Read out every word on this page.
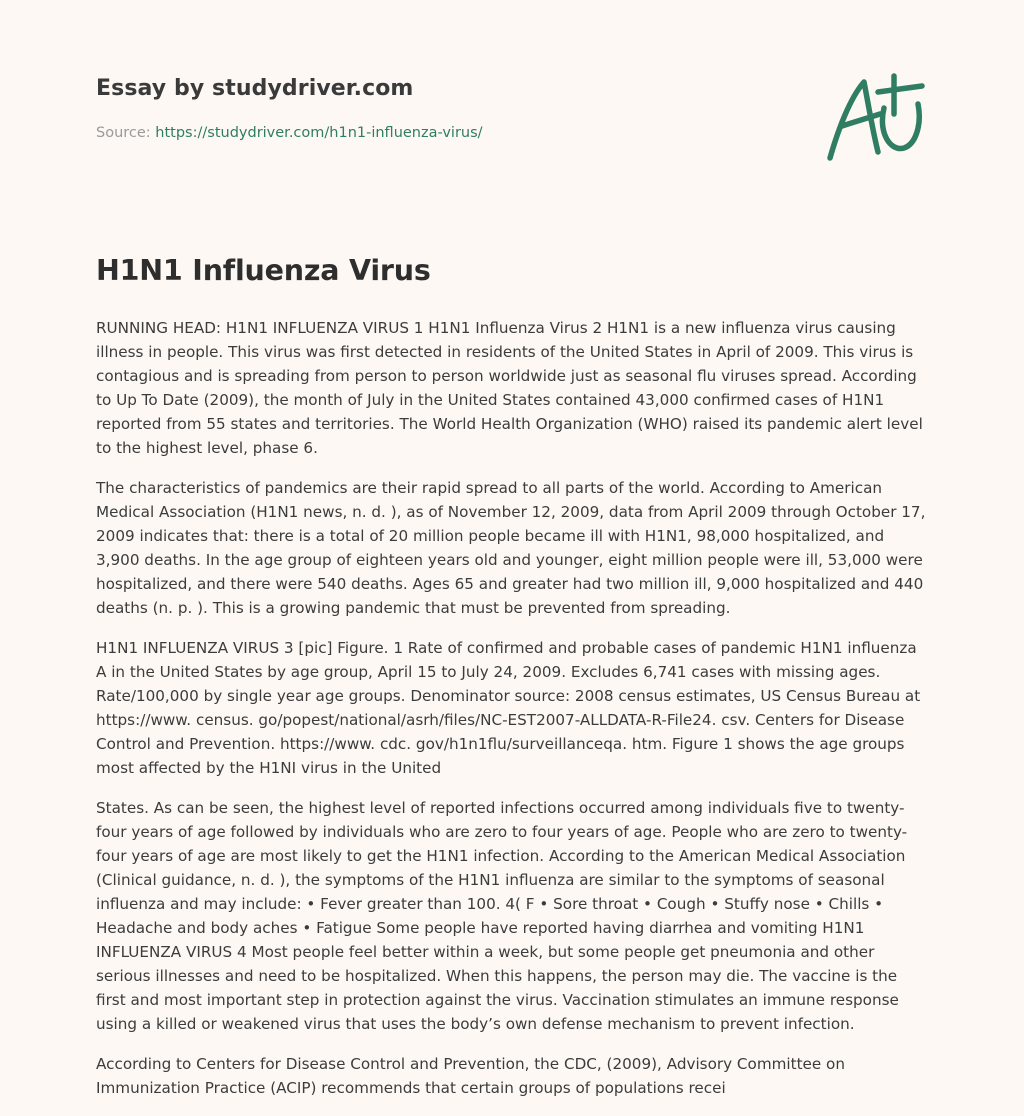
Essay by studydriver.com
Source: https://studydriver.com/h1n1-influenza-virus/
H1N1 Influenza Virus

RUNNING HEAD: H1N1 INFLUENZA VIRUS 1 H1N1 Influenza Virus 2 H1N1 is a new influenza virus causing illness in people. This virus was first detected in residents of the United States in April of 2009. This virus is contagious and is spreading from person to person worldwide just as seasonal flu viruses spread. According to Up To Date (2009), the month of July in the United States contained 43,000 confirmed cases of H1N1 reported from 55 states and territories. The World Health Organization (WHO) raised its pandemic alert level to the highest level, phase 6.

The characteristics of pandemics are their rapid spread to all parts of the world. According to American Medical Association (H1N1 news, n. d. ), as of November 12, 2009, data from April 2009 through October 17, 2009 indicates that: there is a total of 20 million people became ill with H1N1, 98,000 hospitalized, and 3,900 deaths. In the age group of eighteen years old and younger, eight million people were ill, 53,000 were hospitalized, and there were 540 deaths. Ages 65 and greater had two million ill, 9,000 hospitalized and 440 deaths (n. p. ). This is a growing pandemic that must be prevented from spreading.

H1N1 INFLUENZA VIRUS 3 [pic] Figure. 1 Rate of confirmed and probable cases of pandemic H1N1 influenza A in the United States by age group, April 15 to July 24, 2009. Excludes 6,741 cases with missing ages. Rate/100,000 by single year age groups. Denominator source: 2008 census estimates, US Census Bureau at https://www. census. go/popest/national/asrh/files/NC-EST2007-ALLDATA-R-File24. csv. Centers for Disease Control and Prevention. https://www. cdc. gov/h1n1flu/surveillanceqa. htm. Figure 1 shows the age groups most affected by the H1NI virus in the United

States. As can be seen, the highest level of reported infections occurred among individuals five to twenty-four years of age followed by individuals who are zero to four years of age. People who are zero to twenty-four years of age are most likely to get the H1N1 infection. According to the American Medical Association (Clinical guidance, n. d. ), the symptoms of the H1N1 influenza are similar to the symptoms of seasonal influenza and may include: • Fever greater than 100. 4( F • Sore throat • Cough • Stuffy nose • Chills • Headache and body aches • Fatigue Some people have reported having diarrhea and vomiting H1N1 INFLUENZA VIRUS 4 Most people feel better within a week, but some people get pneumonia and other serious illnesses and need to be hospitalized. When this happens, the person may die. The vaccine is the first and most important step in protection against the virus. Vaccination stimulates an immune response using a killed or weakened virus that uses the body’s own defense mechanism to prevent infection.

According to Centers for Disease Control and Prevention, the CDC, (2009), Advisory Committee on Immunization Practice (ACIP) recommends that certain groups of populations recei
